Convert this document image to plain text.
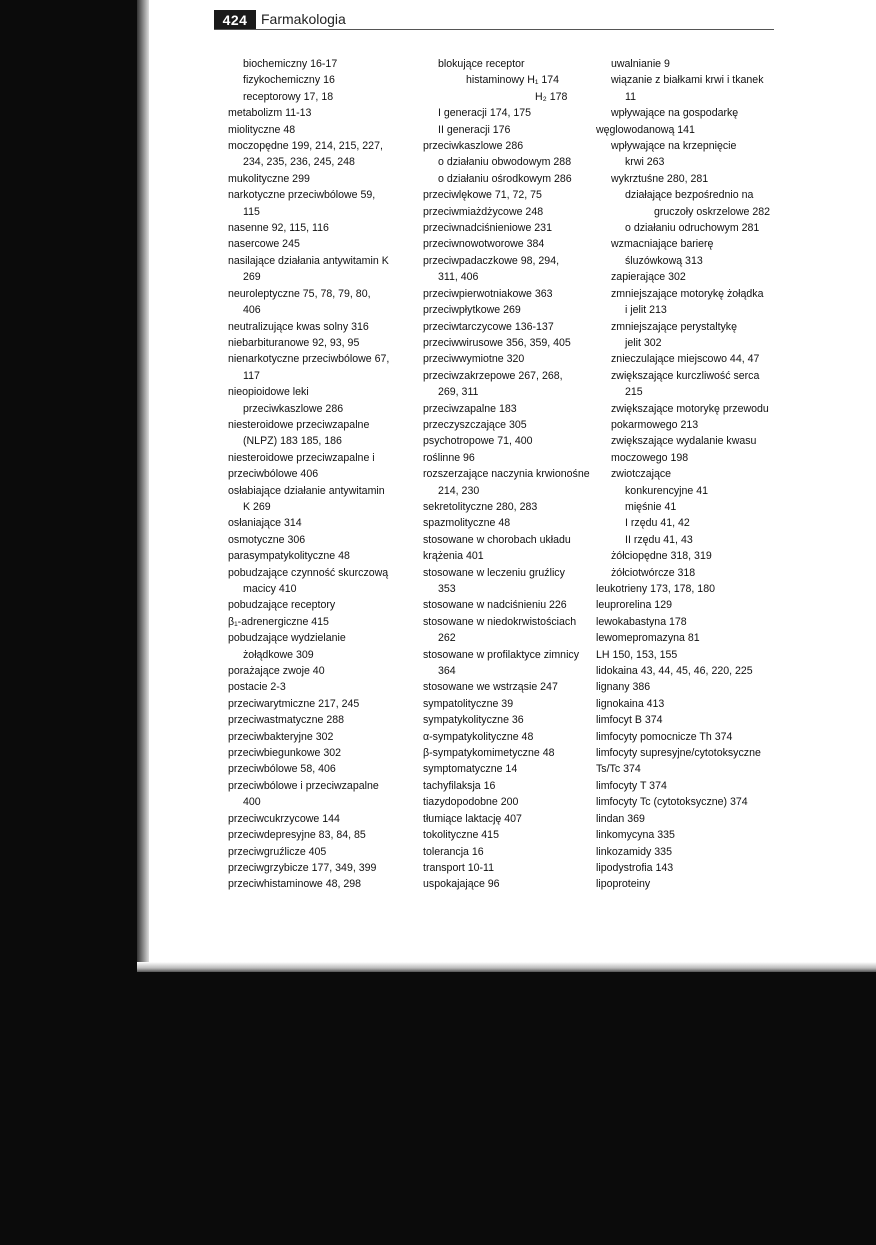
424 Farmakologia
biochemiczny 16-17
fizykochemiczny 16
receptorowy 17, 18
metabolizm 11-13
miolityczne 48
moczopędne 199, 214, 215, 227,
234, 235, 236, 245, 248
mukolityczne 299
narkotyczne przeciwbólowe 59,
115
nasenne 92, 115, 116
nasercowe 245
nasilające działania antywitamin K
269
neuroleptyczne 75, 78, 79, 80,
406
neutralizujące kwas solny 316
niebarbituranowe 92, 93, 95
nienarkotyczne przeciwbólowe 67,
117
nieopioidowe leki
przeciwkaszlowe 286
niesteroidowe przeciwzapalne
(NLPZ) 183 185, 186
niesteroidowe przeciwzapalne i
przeciwbólowe 406
osłabiające działanie antywitamin
K 269
osłaniające 314
osmotyczne 306
parasympatykolityczne 48
pobudzające czynność skurczową
macicy 410
pobudzające receptory
β₁-adrenergiczne 415
pobudzające wydzielanie
żołądkowe 309
porażające zwoje 40
postacie 2-3
przeciwarytmiczne 217, 245
przeciwastmatyczne 288
przeciwbakteryjne 302
przeciwbiegunkowe 302
przeciwbólowe 58, 406
przeciwbólowe i przeciwzapalne
400
przeciwcukrzycowe 144
przeciwdepresyjne 83, 84, 85
przeciwgruźlicze 405
przeciwgrzybicze 177, 349, 399
przeciwhistaminowe 48, 298
blokujące receptor
histaminowy H₁ 174
H₂ 178
I generacji 174, 175
II generacji 176
przeciwkaszlowe 286
o działaniu obwodowym 288
o działaniu ośrodkowym 286
przeciwlękowe 71, 72, 75
przeciwmiażdżycowe 248
przeciwnadciśnieniowe 231
przeciwnowotworowe 384
przeciwpadaczkowe 98, 294,
311, 406
przeciwpierwotniakowe 363
przeciwpłytkowe 269
przeciwtarczycowe 136-137
przeciwwirusowe 356, 359, 405
przeciwwymiotne 320
przeciwzakrzepowe 267, 268,
269, 311
przeciwzapalne 183
przeczyszczające 305
psychotropowe 71, 400
roślinne 96
rozszerzające naczynia krwionośne
214, 230
sekretolityczne 280, 283
spazmolityczne 48
stosowane w chorobach układu
krążenia 401
stosowane w leczeniu gruźlicy
353
stosowane w nadciśnieniu 226
stosowane w niedokrwistościach
262
stosowane w profilaktyce zimnicy
364
stosowane we wstrząsie 247
sympatolityczne 39
sympatykolityczne 36
α-sympatykolityczne 48
β-sympatykomimetyczne 48
symptomatyczne 14
tachyfilaksja 16
tiazydopodobne 200
tłumiące laktację 407
tokolityczne 415
tolerancja 16
transport 10-11
uspokajające 96
uwalnianie 9
wiązanie z białkami krwi i tkanek
11
wpływające na gospodarkę
węglowodanową 141
wpływające na krzepnięcie
krwi 263
wykrztuśne 280, 281
działające bezpośrednio na
gruczoły oskrzelowe 282
o działaniu odruchowym 281
wzmacniające barierę
śluzówkową 313
zapierające 302
zmniejszające motorykę żołądka
i jelit 213
zmniejszające perystaltykę
jelit 302
znieczulające miejscowo 44, 47
zwiększające kurczliwość serca
215
zwiększające motorykę przewodu
pokarmowego 213
zwiększające wydalanie kwasu
moczowego 198
zwiotczające
konkurencyjne 41
mięśnie 41
I rzędu 41, 42
II rzędu 41, 43
żółciopędne 318, 319
żółciotwórcze 318
leukotrieny 173, 178, 180
leuprorelina 129
lewokabastyna 178
lewomepromazyna 81
LH 150, 153, 155
lidokaina 43, 44, 45, 46, 220, 225
lignany 386
lignokaina 413
limfocyt B 374
limfocyty pomocnicze Th 374
limfocyty supresyjne/cytotoksyczne
Ts/Tc 374
limfocyty T 374
limfocyty Tc (cytotoksyczne) 374
lindan 369
linkomycyna 335
linkozamidy 335
lipodystrofia 143
lipoproteiny
